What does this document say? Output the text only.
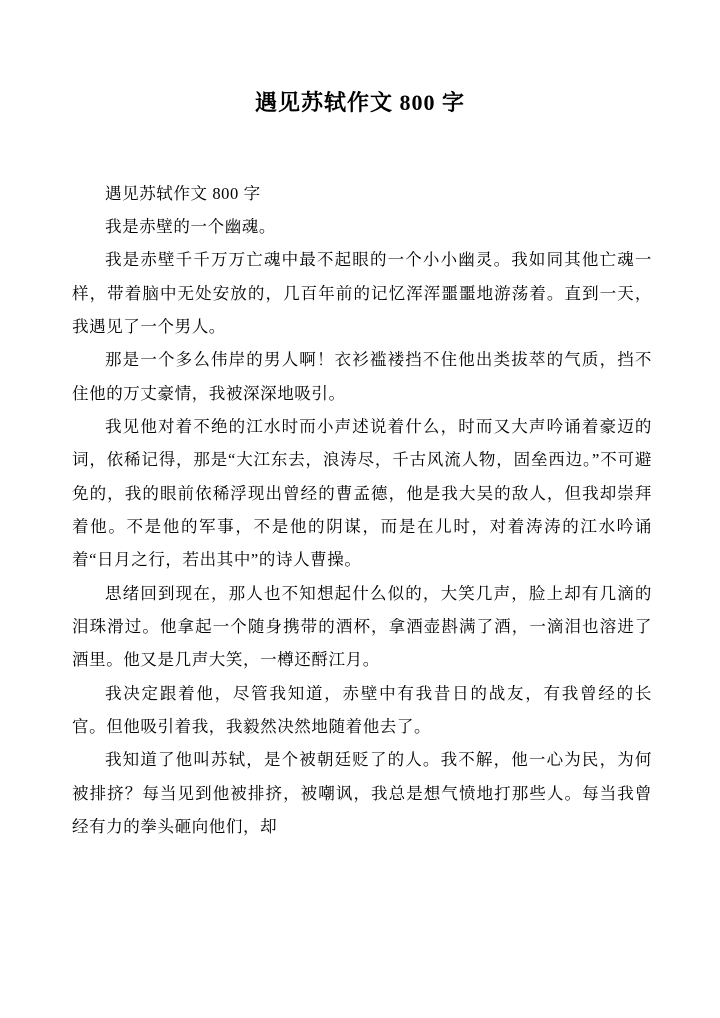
遇见苏轼作文 800 字

遇见苏轼作文 800 字

我是赤壁的一个幽魂。

我是赤壁千千万万亡魂中最不起眼的一个小小幽灵。我如同其他亡魂一样，带着脑中无处安放的，几百年前的记忆浑浑噩噩地游荡着。直到一天，我遇见了一个男人。

那是一个多么伟岸的男人啊！衣衫褴褛挡不住他出类拔萃的气质，挡不住他的万丈豪情，我被深深地吸引。

我见他对着不绝的江水时而小声述说着什么，时而又大声吟诵着豪迈的词，依稀记得，那是“大江东去，浪涛尽，千古风流人物，固垒西边。”不可避免的，我的眼前依稀浮现出曾经的曹孟德，他是我大吴的敌人，但我却崇拜着他。不是他的军事，不是他的阴谋，而是在儿时，对着涛涛的江水吟诵着“日月之行，若出其中”的诗人曹操。

思绪回到现在，那人也不知想起什么似的，大笑几声，脸上却有几滴的泪珠滑过。他拿起一个随身携带的酒杯，拿酒壶斟满了酒，一滴泪也溶进了酒里。他又是几声大笑，一樽还酹江月。

我决定跟着他，尽管我知道，赤壁中有我昔日的战友，有我曾经的长官。但他吸引着我，我毅然决然地随着他去了。

我知道了他叫苏轼，是个被朝廷贬了的人。我不解，他一心为民，为何被排挤？每当见到他被排挤，被嘲讽，我总是想气愤地打那些人。每当我曾经有力的拳头砸向他们，却
